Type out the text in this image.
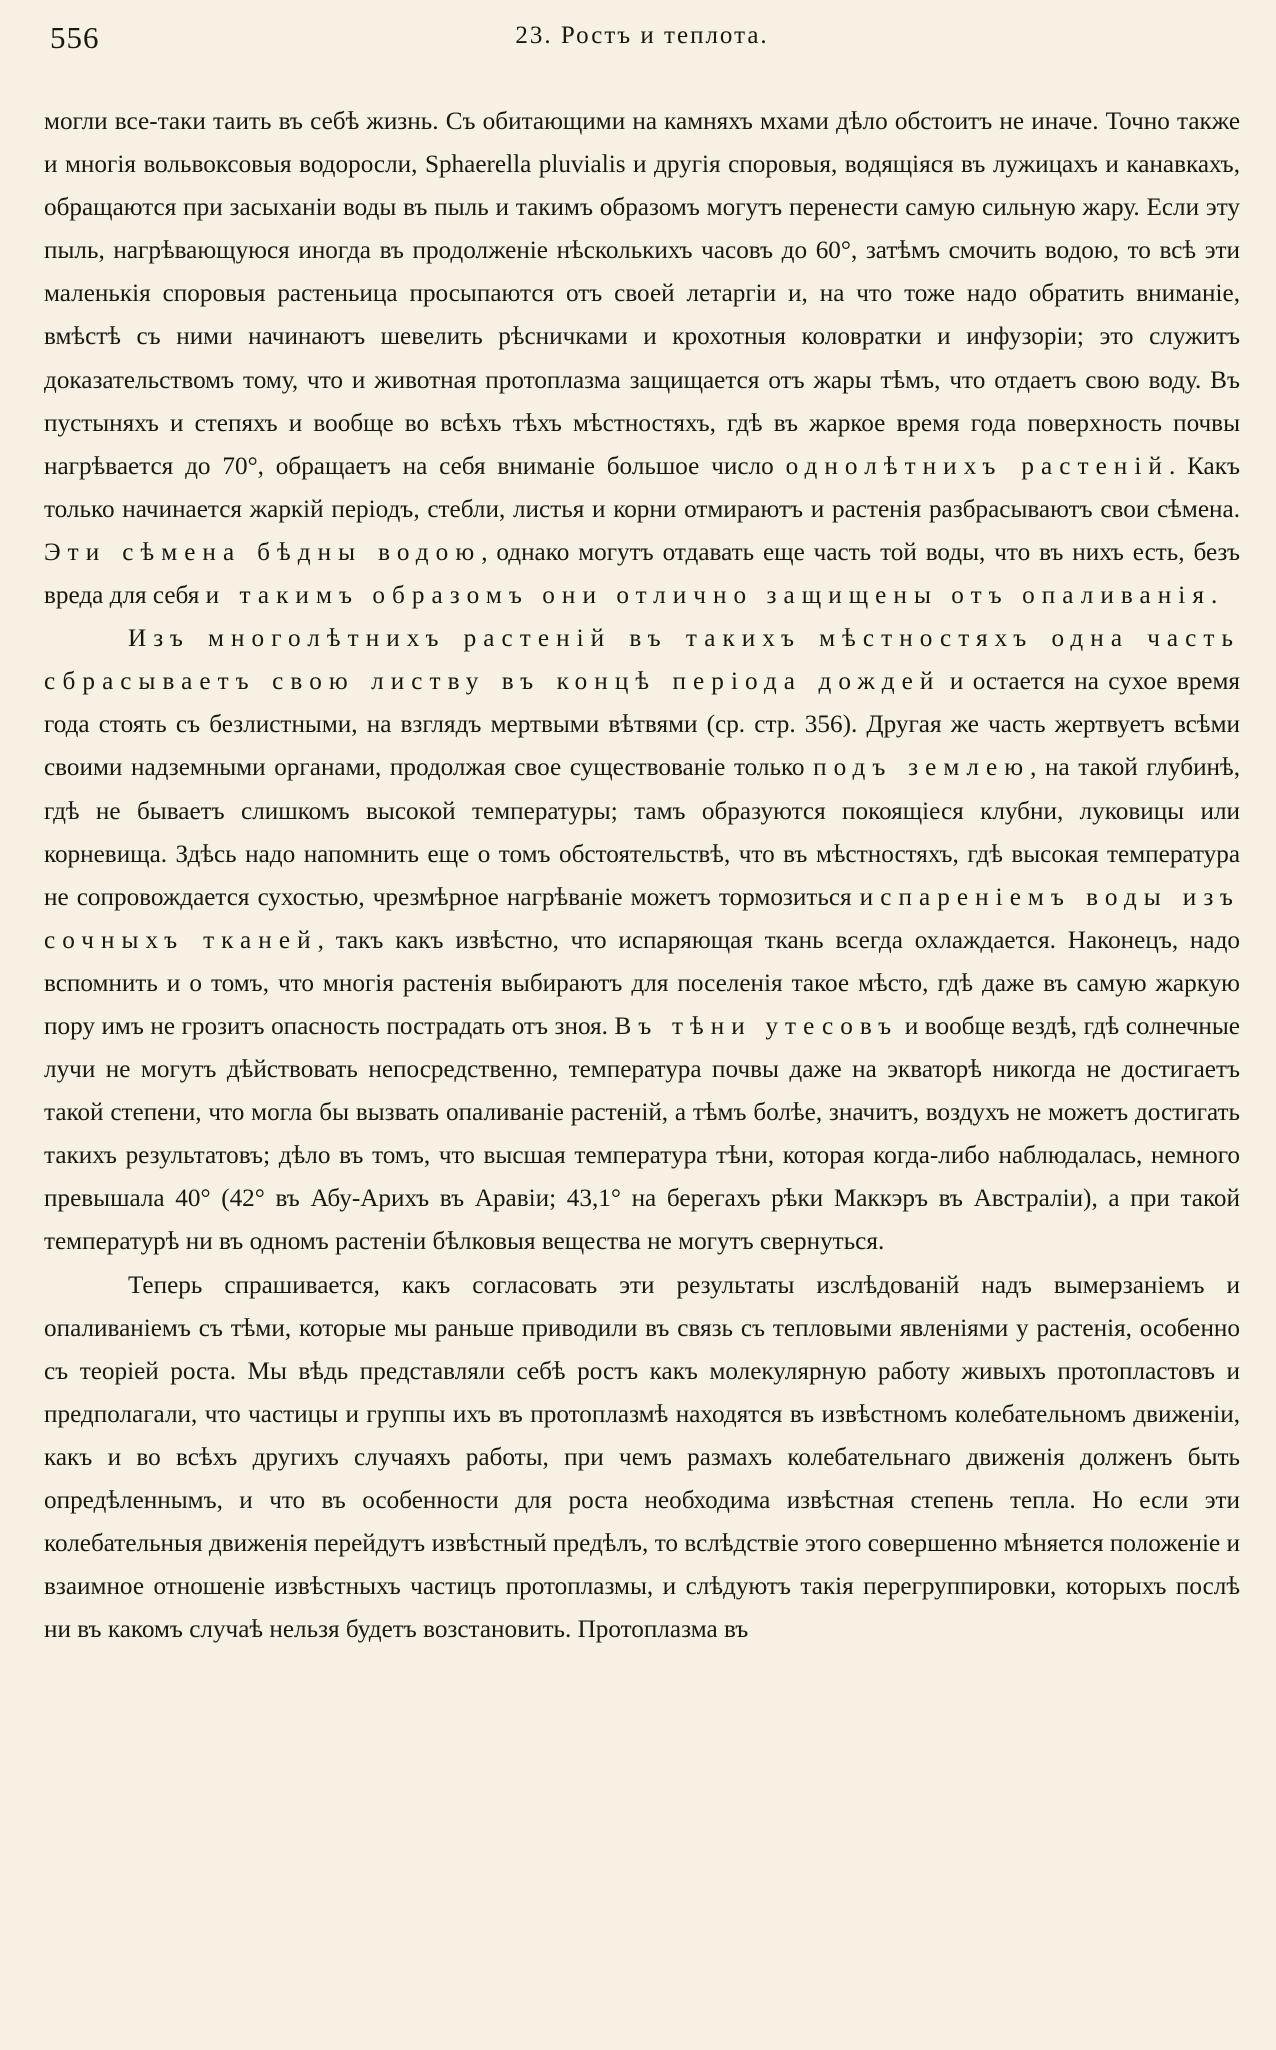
556	23. Ростъ и теплота.

могли все-таки таить въ себѣ жизнь. Съ обитающими на камняхъ мхами дѣло обстоитъ не иначе. Точно также и многія вольвоксовыя водоросли, Sphaerella pluvialis и другія споровыя, водящіяся въ лужицахъ и канавкахъ, обращаются при засыханіи воды въ пыль и такимъ образомъ могутъ перенести самую сильную жару. Если эту пыль, нагрѣвающуюся иногда въ продолженіе нѣсколькихъ часовъ до 60°, затѣмъ смочить водою, то всѣ эти маленькія споровыя растеньица просыпаются отъ своей летаргіи и, на что тоже надо обратить вниманіе, вмѣстѣ съ ними начинаютъ шевелить рѣсничками и крохотныя коловратки и инфузоріи; это служитъ доказательствомъ тому, что и животная протоплазма защищается отъ жары тѣмъ, что отдаетъ свою воду. Въ пустыняхъ и степяхъ и вообще во всѣхъ тѣхъ мѣстностяхъ, гдѣ въ жаркое время года поверхность почвы нагрѣвается до 70°, обращаетъ на себя вниманіе большое число однолѣтнихъ растеній. Какъ только начинается жаркій періодъ, стебли, листья и корни отмираютъ и растенія разбрасываютъ свои сѣмена. Эти сѣмена бѣдны водою, однако могутъ отдавать еще часть той воды, что въ нихъ есть, безъ вреда для себя и такимъ образомъ они отлично защищены отъ опаливанія.

Изъ многолѣтнихъ растеній въ такихъ мѣстностяхъ одна часть сбрасываетъ свою листву въ концѣ періода дождей и остается на сухое время года стоять съ безлистными, на взглядъ мертвыми вѣтвями (ср. стр. 356). Другая же часть жертвуетъ всѣми своими надземными органами, продолжая свое существованіе только подъ землею, на такой глубинѣ, гдѣ не бываетъ слишкомъ высокой температуры; тамъ образуются покоящіеся клубни, луковицы или корневища. Здѣсь надо напомнить еще о томъ обстоятельствѣ, что въ мѣстностяхъ, гдѣ высокая температура не сопровождается сухостью, чрезмѣрное нагрѣваніе можетъ тормозиться испареніемъ воды изъ сочныхъ тканей, такъ какъ извѣстно, что испаряющая ткань всегда охлаждается. Наконецъ, надо вспомнить и о томъ, что многія растенія выбираютъ для поселенія такое мѣсто, гдѣ даже въ самую жаркую пору имъ не грозитъ опасность пострадать отъ зноя. Въ тѣни утесовъ и вообще вездѣ, гдѣ солнечные лучи не могутъ дѣйствовать непосредственно, температура почвы даже на экваторѣ никогда не достигаетъ такой степени, что могла бы вызвать опаливаніе растеній, а тѣмъ болѣе, значитъ, воздухъ не можетъ достигать такихъ результатовъ; дѣло въ томъ, что высшая температура тѣни, которая когда-либо наблюдалась, немного превышала 40° (42° въ Абу-Арихъ въ Аравіи; 43,1° на берегахъ рѣки Маккэръ въ Австраліи), а при такой температурѣ ни въ одномъ растеніи бѣлковыя вещества не могутъ свернуться.

Теперь спрашивается, какъ согласовать эти результаты изслѣдованій надъ вымерзаніемъ и опаливаніемъ съ тѣми, которые мы раньше приводили въ связь съ тепловыми явленіями у растенія, особенно съ теоріей роста. Мы вѣдь представляли себѣ ростъ какъ молекулярную работу живыхъ протопластовъ и предполагали, что частицы и группы ихъ въ протоплазмѣ находятся въ извѣстномъ колебательномъ движеніи, какъ и во всѣхъ другихъ случаяхъ работы, при чемъ размахъ колебательнаго движенія долженъ быть опредѣленнымъ, и что въ особенности для роста необходима извѣстная степень тепла. Но если эти колебательныя движенія перейдутъ извѣстный предѣлъ, то вслѣдствіе этого совершенно мѣняется положеніе и взаимное отношеніе извѣстныхъ частицъ протоплазмы, и слѣдуютъ такія перегруппировки, которыхъ послѣ ни въ какомъ случаѣ нельзя будетъ возстановить. Протоплазма въ
